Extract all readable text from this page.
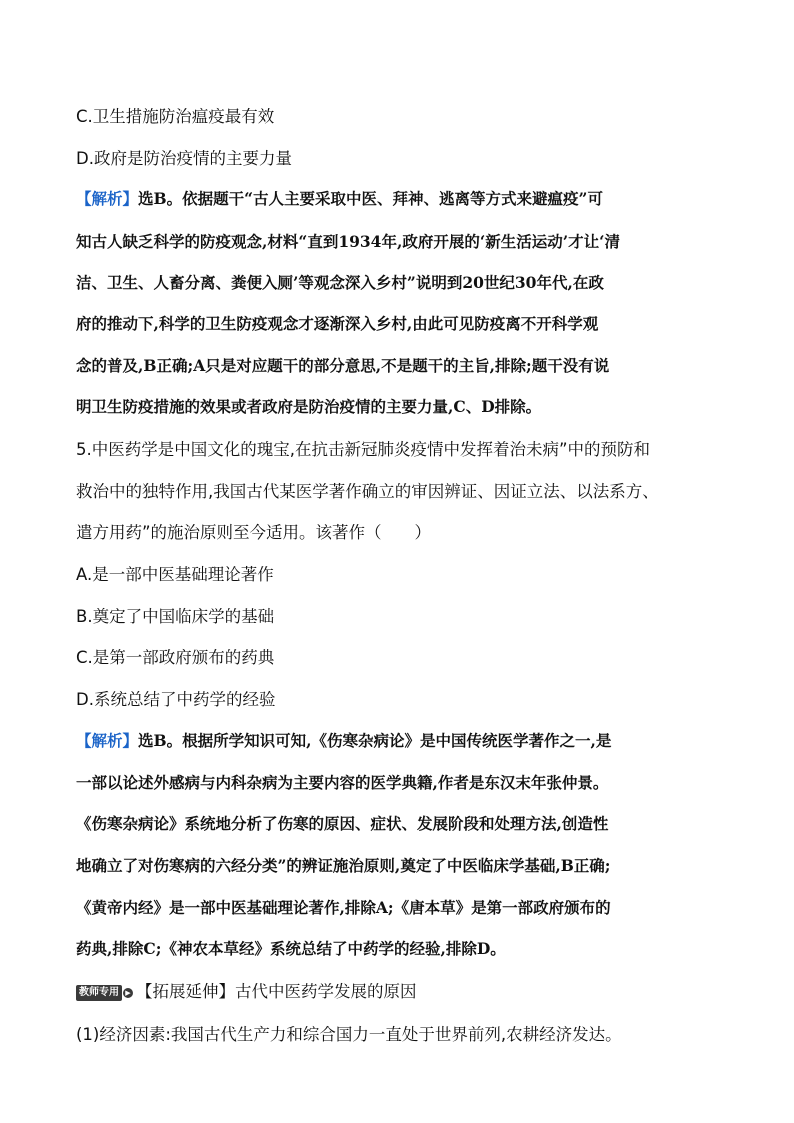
C.卫生措施防治瘟疫最有效
D.政府是防治疫情的主要力量
【解析】选B。依据题干“古人主要采取中医、拜神、逃离等方式来避瘟疫”可
知古人缺乏科学的防疫观念,材料“直到1934年,政府开展的‘新生活运动’才让‘清
洁、卫生、人畜分离、粪便入厕’等观念深入乡村”说明到20世纪30年代,在政
府的推动下,科学的卫生防疫观念才逐渐深入乡村,由此可见防疫离不开科学观
念的普及,B正确;A只是对应题干的部分意思,不是题干的主旨,排除;题干没有说
明卫生防疫措施的效果或者政府是防治疫情的主要力量,C、D排除。
5.中医药学是中国文化的瑰宝,在抗击新冠肺炎疫情中发挥着治未病”中的预防和
救治中的独特作用,我国古代某医学著作确立的审因辨证、因证立法、以法系方、
遣方用药”的施治原则至今适用。该著作（　　）
A.是一部中医基础理论著作
B.奠定了中国临床学的基础
C.是第一部政府颁布的药典
D.系统总结了中药学的经验
【解析】选B。根据所学知识可知,《伤寒杂病论》是中国传统医学著作之一,是
一部以论述外感病与内科杂病为主要内容的医学典籍,作者是东汉末年张仲景。
《伤寒杂病论》系统地分析了伤寒的原因、症状、发展阶段和处理方法,创造性
地确立了对伤寒病的六经分类”的辨证施治原则,奠定了中医临床学基础,B正确;
《黄帝内经》是一部中医基础理论著作,排除A;《唐本草》是第一部政府颁布的
药典,排除C;《神农本草经》系统总结了中药学的经验,排除D。
教师专用 ▶ 【拓展延伸】古代中医药学发展的原因
(1)经济因素:我国古代生产力和综合国力一直处于世界前列,农耕经济发达。
